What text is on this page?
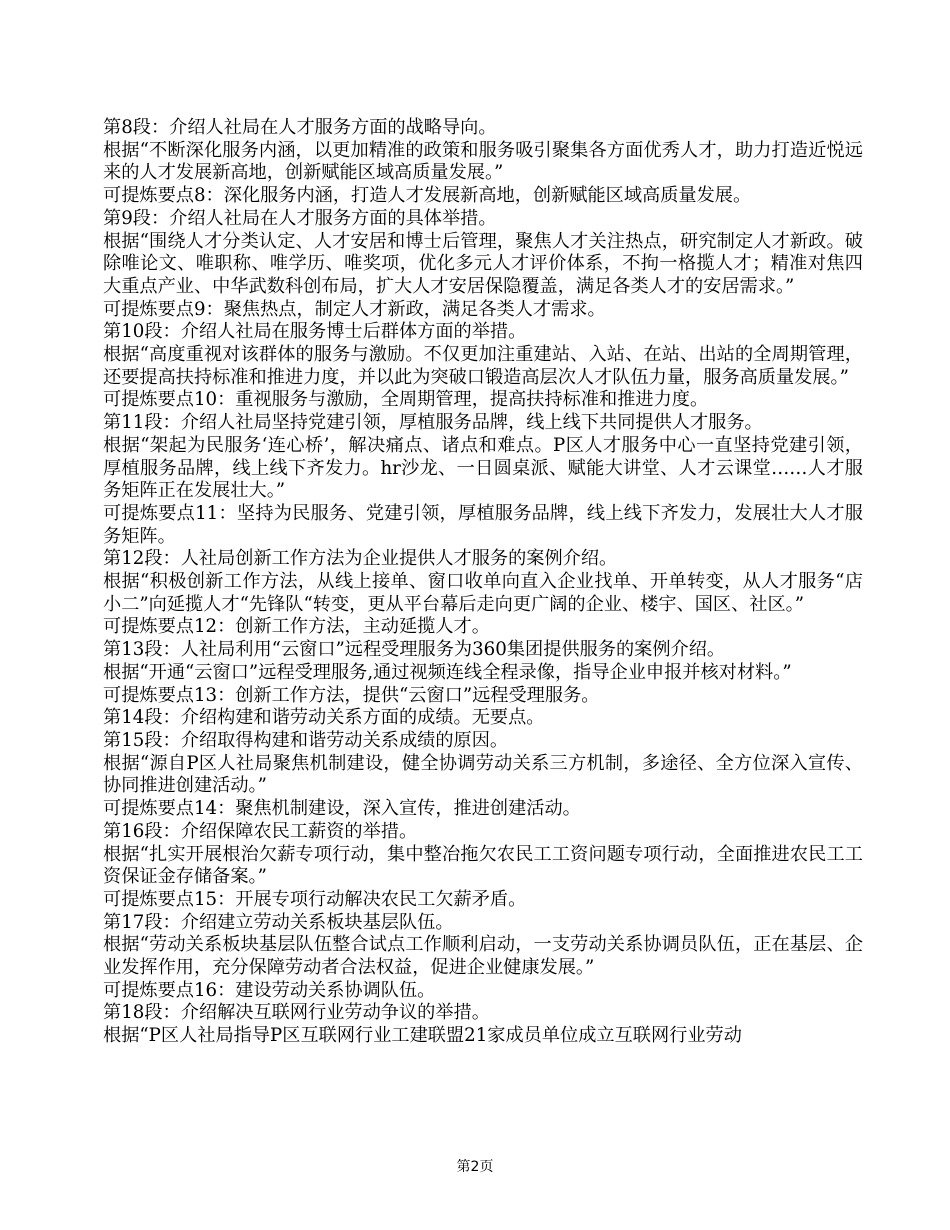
第8段：介绍人社局在人才服务方面的战略导向。

根据“不断深化服务内涵，以更加精准的政策和服务吸引聚集各方面优秀人才，助力打造近悦远来的人才发展新高地，创新赋能区域高质量发展。”

可提炼要点8：深化服务内涵，打造人才发展新高地，创新赋能区域高质量发展。

第9段：介绍人社局在人才服务方面的具体举措。

根据“围绕人才分类认定、人才安居和博士后管理，聚焦人才关注热点，研究制定人才新政。破除唯论文、唯职称、唯学历、唯奖项，优化多元人才评价体系，不拘一格揽人才；精准对焦四大重点产业、中华武数科创布局，扩大人才安居保隐覆盖，满足各类人才的安居需求。”

可提炼要点9：聚焦热点，制定人才新政，满足各类人才需求。

第10段：介绍人社局在服务博士后群体方面的举措。

根据“高度重视对该群体的服务与激励。不仅更加注重建站、入站、在站、出站的全周期管理，还要提高扶持标准和推进力度，并以此为突破口锻造高层次人才队伍力量，服务高质量发展。”

可提炼要点10：重视服务与激励，全周期管理，提高扶持标准和推进力度。

第11段：介绍人社局坚持党建引领，厚植服务品牌，线上线下共同提供人才服务。

根据“架起为民服务‘连心桥’，解决痛点、诸点和难点。P区人才服务中心一直坚持党建引领，厚植服务品牌，线上线下齐发力。hr沙龙、一日圆桌派、赋能大讲堂、人才云课堂……人才服务矩阵正在发展壮大。”

可提炼要点11：坚持为民服务、党建引领，厚植服务品牌，线上线下齐发力，发展壮大人才服务矩阵。

第12段：人社局创新工作方法为企业提供人才服务的案例介绍。

根据“积极创新工作方法，从线上接单、窗口收单向直入企业找单、开单转变，从人才服务“店小二”向延揽人才“先锋队“转变，更从平台幕后走向更广阔的企业、楼宇、国区、社区。”

可提炼要点12：创新工作方法，主动延揽人才。

第13段：人社局利用“云窗口”远程受理服务为360集团提供服务的案例介绍。

根据“开通“云窗口”远程受理服务,通过视频连线全程录像，指导企业申报并核对材料。”

可提炼要点13：创新工作方法，提供“云窗口”远程受理服务。

第14段：介绍构建和谐劳动关系方面的成绩。无要点。

第15段：介绍取得构建和谐劳动关系成绩的原因。

根据“源自P区人社局聚焦机制建设，健全协调劳动关系三方机制，多途径、全方位深入宣传、协同推进创建活动。”

可提炼要点14：聚焦机制建设，深入宣传，推进创建活动。

第16段：介绍保障农民工薪资的举措。

根据“扎实开展根治欠薪专项行动，集中整冶拖欠农民工工资问题专项行动，全面推进农民工工资保证金存储备案。”

可提炼要点15：开展专项行动解决农民工欠薪矛盾。

第17段：介绍建立劳动关系板块基层队伍。

根据“劳动关系板块基层队伍整合试点工作顺利启动，一支劳动关系协调员队伍，正在基层、企业发挥作用，充分保障劳动者合法权益，促进企业健康发展。”

可提炼要点16：建设劳动关系协调队伍。

第18段：介绍解决互联网行业劳动争议的举措。

根据“P区人社局指导P区互联网行业工建联盟21家成员单位成立互联网行业劳动

第2页
